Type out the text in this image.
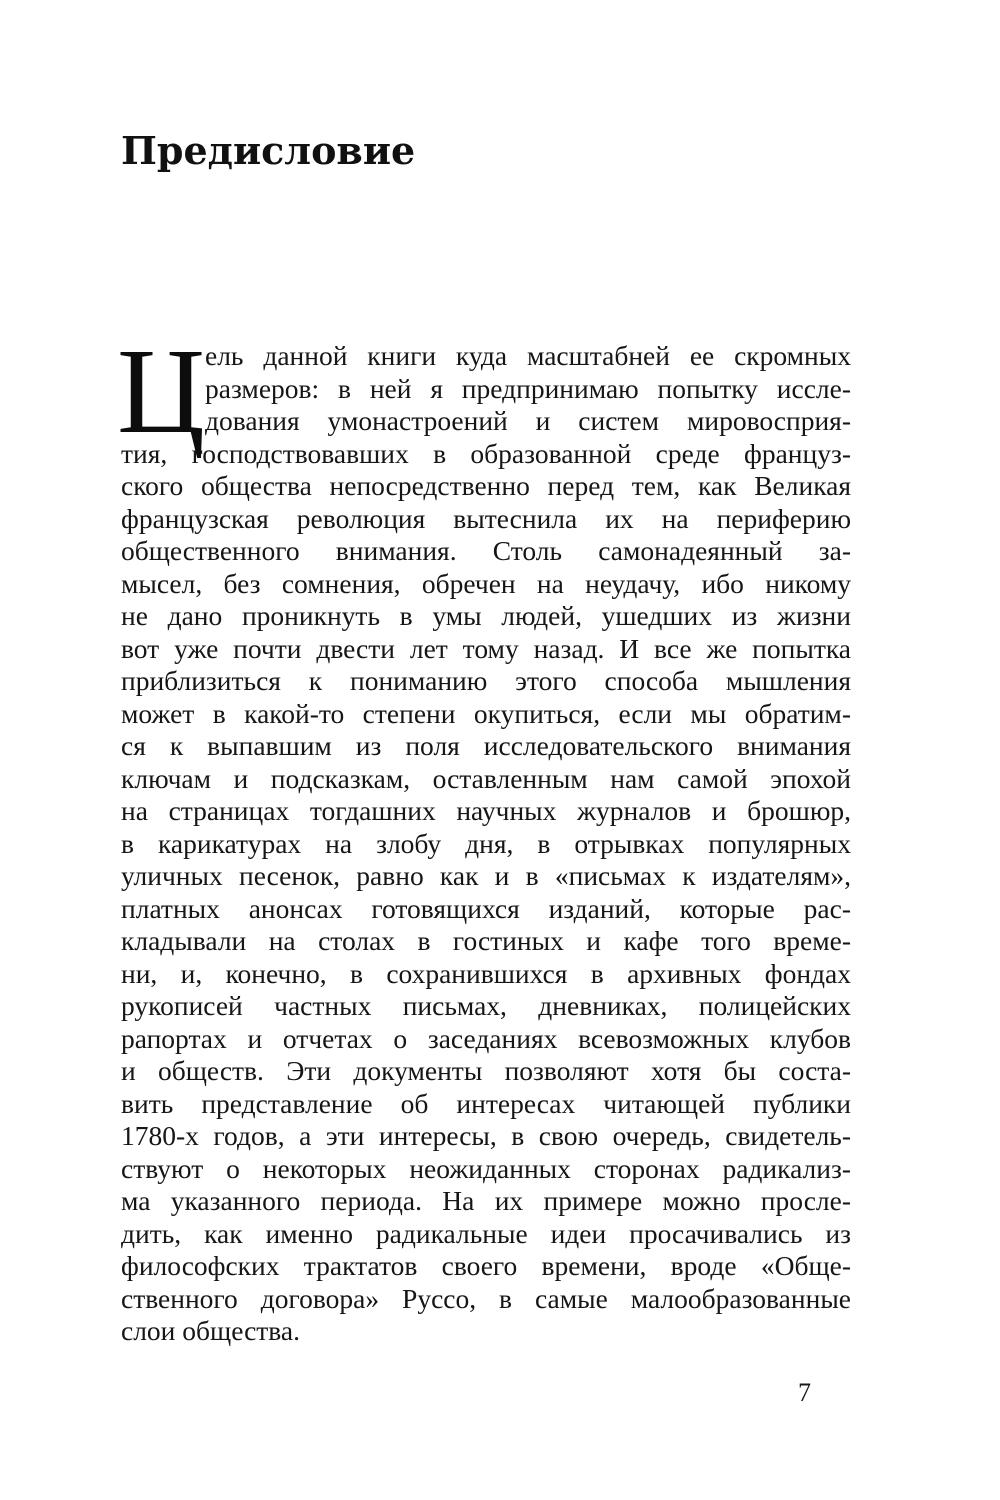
Предисловие
Ц ель данной книги куда масштабней ее скромных
размеров: в ней я предпринимаю попытку иссле-
дования умонастроений и систем мировосприя-
тия, господствовавших в образованной среде француз-
ского общества непосредственно перед тем, как Великая
французская революция вытеснила их на периферию
общественного внимания. Столь самонадеянный за-
мысел, без сомнения, обречен на неудачу, ибо никому
не дано проникнуть в умы людей, ушедших из жизни
вот уже почти двести лет тому назад. И все же попытка
приблизиться к пониманию этого способа мышления
может в какой-то степени окупиться, если мы обратим-
ся к выпавшим из поля исследовательского внимания
ключам и подсказкам, оставленным нам самой эпохой
на страницах тогдашних научных журналов и брошюр,
в карикатурах на злобу дня, в отрывках популярных
уличных песенок, равно как и в «письмах к издателям»,
платных анонсах готовящихся изданий, которые рас-
кладывали на столах в гостиных и кафе того време-
ни, и, конечно, в сохранившихся в архивных фондах
рукописей частных письмах, дневниках, полицейских
рапортах и отчетах о заседаниях всевозможных клубов
и обществ. Эти документы позволяют хотя бы соста-
вить представление об интересах читающей публики
1780-х годов, а эти интересы, в свою очередь, свидетель-
ствуют о некоторых неожиданных сторонах радикализ-
ма указанного периода. На их примере можно просле-
дить, как именно радикальные идеи просачивались из
философских трактатов своего времени, вроде «Обще-
ственного договора» Руссо, в самые малообразованные
слои общества.
7
